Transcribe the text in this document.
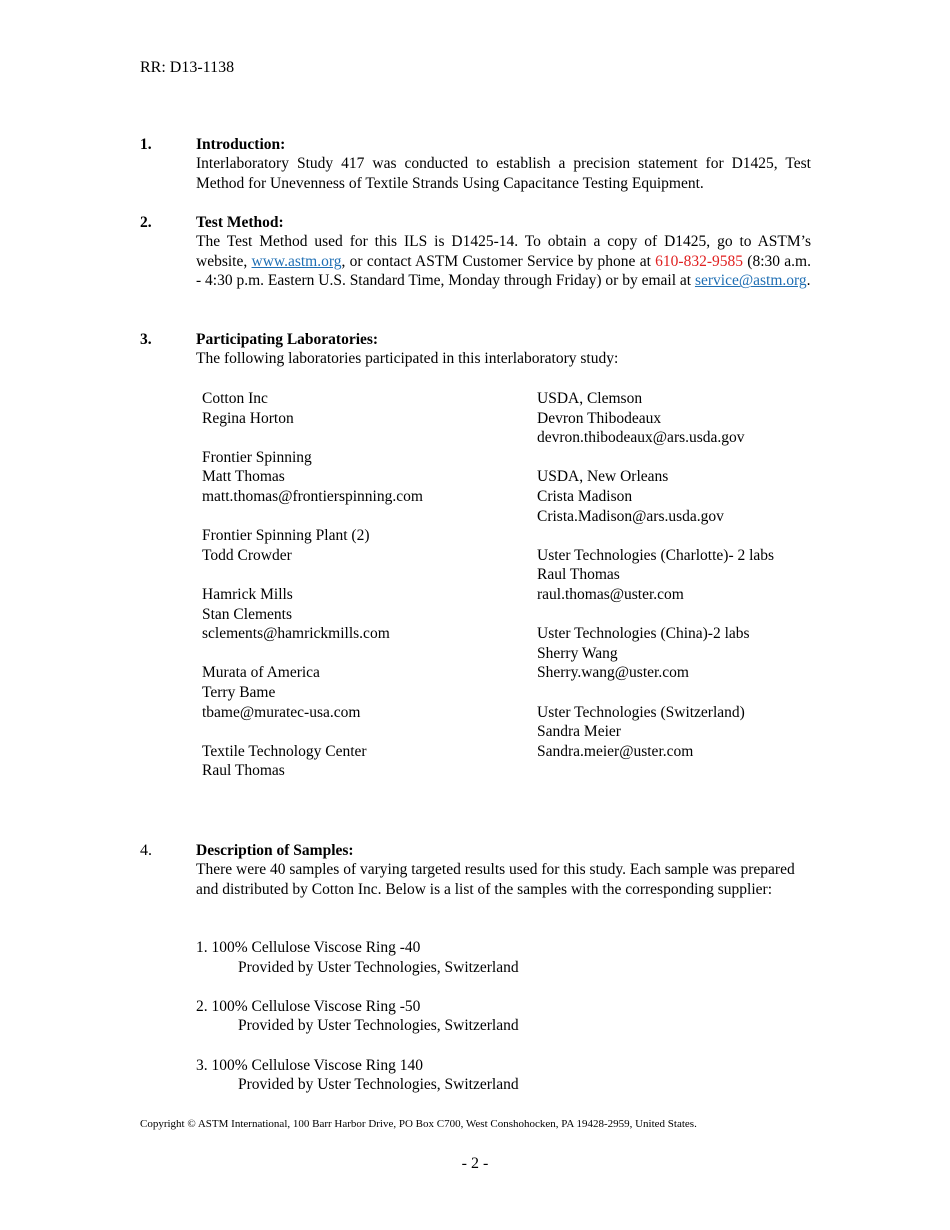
RR: D13-1138
1.	Introduction:
Interlaboratory Study 417 was conducted to establish a precision statement for D1425, Test Method for Unevenness of Textile Strands Using Capacitance Testing Equipment.
2.	Test Method:
The Test Method used for this ILS is D1425-14. To obtain a copy of D1425, go to ASTM’s website, www.astm.org, or contact ASTM Customer Service by phone at 610-832-9585 (8:30 a.m. - 4:30 p.m. Eastern U.S. Standard Time, Monday through Friday) or by email at service@astm.org.
3.	Participating Laboratories:
The following laboratories participated in this interlaboratory study:
Cotton Inc
Regina Horton
Frontier Spinning
Matt Thomas
matt.thomas@frontierspinning.com
Frontier Spinning Plant (2)
Todd Crowder
Hamrick Mills
Stan Clements
sclements@hamrickmills.com
Murata of America
Terry Bame
tbame@muratec-usa.com
Textile Technology Center
Raul Thomas
USDA, Clemson
Devron Thibodeaux
devron.thibodeaux@ars.usda.gov
USDA, New Orleans
Crista Madison
Crista.Madison@ars.usda.gov
Uster Technologies (Charlotte)- 2 labs
Raul Thomas
raul.thomas@uster.com
Uster Technologies (China)-2 labs
Sherry Wang
Sherry.wang@uster.com
Uster Technologies (Switzerland)
Sandra Meier
Sandra.meier@uster.com
4.	Description of Samples:
There were 40 samples of varying targeted results used for this study. Each sample was prepared and distributed by Cotton Inc. Below is a list of the samples with the corresponding supplier:
1. 100% Cellulose Viscose Ring -40
Provided by Uster Technologies, Switzerland
2. 100% Cellulose Viscose Ring -50
Provided by Uster Technologies, Switzerland
3. 100% Cellulose Viscose Ring 140
Provided by Uster Technologies, Switzerland
Copyright © ASTM International, 100 Barr Harbor Drive, PO Box C700, West Conshohocken, PA 19428-2959, United States.
- 2 -
